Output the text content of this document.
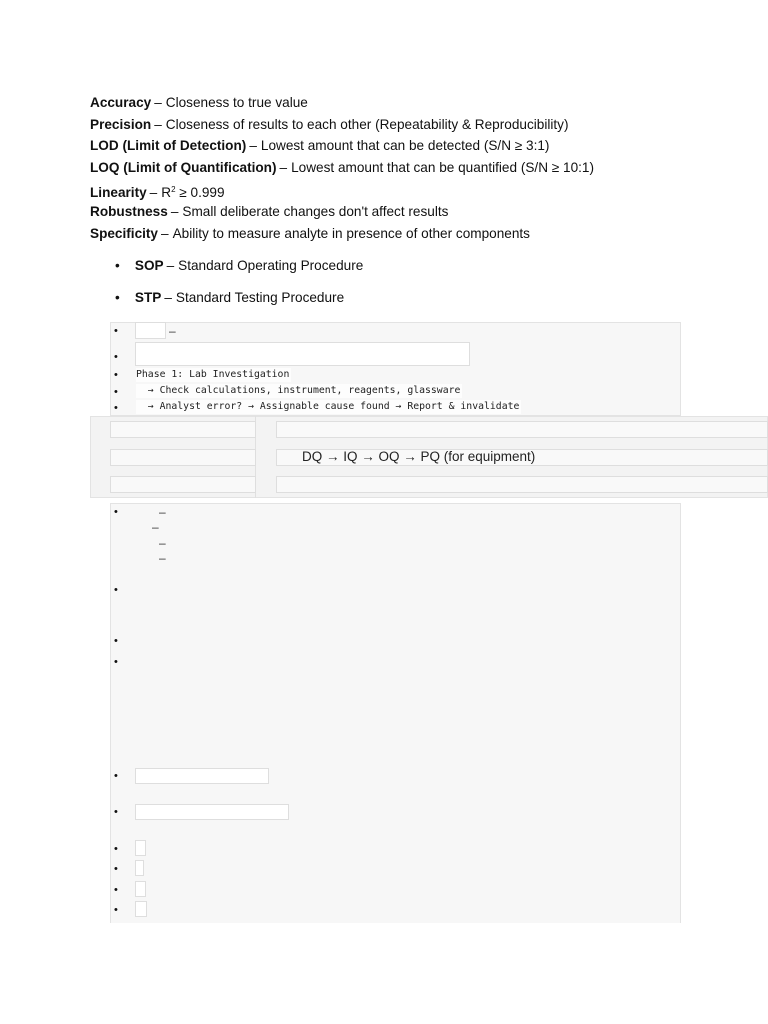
Accuracy – Closeness to true value
Precision – Closeness of results to each other (Repeatability & Reproducibility)
LOD (Limit of Detection) – Lowest amount that can be detected (S/N ≥ 3:1)
LOQ (Limit of Quantification) – Lowest amount that can be quantified (S/N ≥ 10:1)
Linearity – $R^2 \ge 0.999$
Robustness – Small deliberate changes don't affect results
Specificity – Ability to measure analyte in presence of other components
• SOP – Standard Operating Procedure
• STP – Standard Testing Procedure
•	–
•
• Phase 1: Lab Investigation
• → Check calculations, instrument, reagents, glassware
• → Analyst error? → Assignable cause found → Report & invalidate
DQ → IQ → OQ → PQ (for equipment)
•	–
–
–
–
•
•
•
•
•
•
•
•
•
